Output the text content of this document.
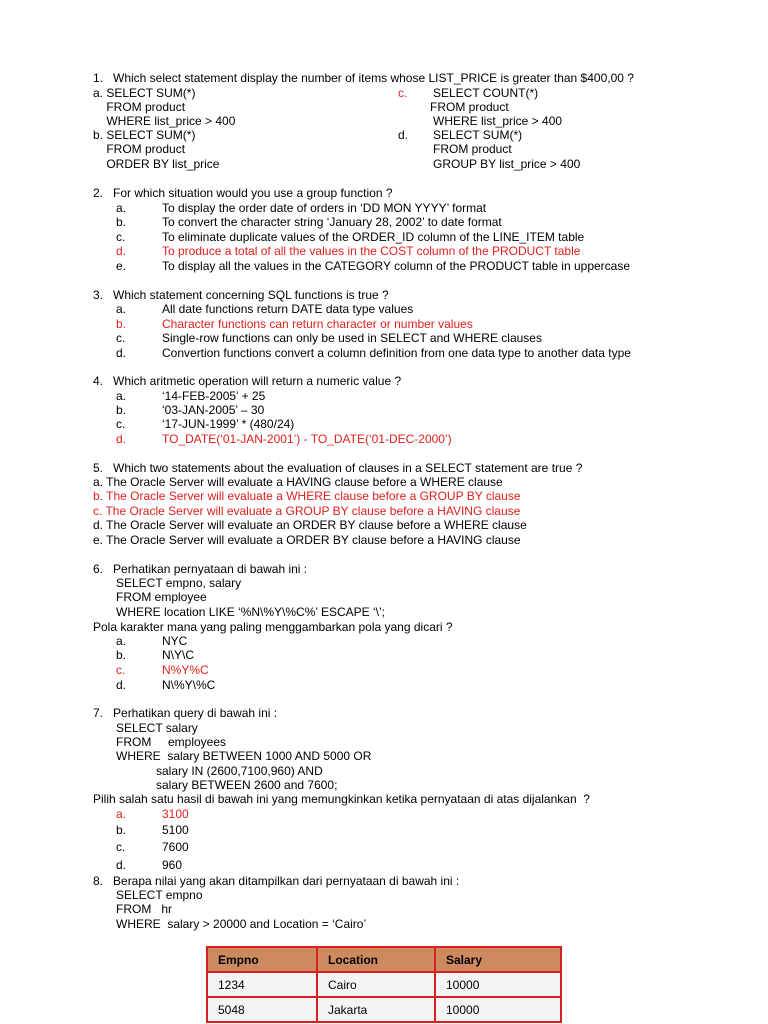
1.   Which select statement display the number of items whose LIST_PRICE is greater than $400,00 ?
a. SELECT SUM(*)
FROM product
WHERE list_price > 400
b. SELECT SUM(*)
FROM product
ORDER BY list_price
c. SELECT COUNT(*)
FROM product
WHERE list_price > 400
d. SELECT SUM(*)
FROM product
GROUP BY list_price > 400
2.   For which situation would you use a group function ?
a.	To display the order date of orders in ‘DD MON YYYY’ format
b.	To convert the character string ‘January 28, 2002’ to date format
c.	To eliminate duplicate values of the ORDER_ID column of the LINE_ITEM table
d.	To produce a total of all the values in the COST column of the PRODUCT table
e.	To display all the values in the CATEGORY column of the PRODUCT table in uppercase
3.   Which statement concerning SQL functions is true ?
a.	All date functions return DATE data type values
b.	Character functions can return character or number values
c.	Single-row functions can only be used in SELECT and WHERE clauses
d.	Convertion functions convert a column definition from one data type to another data type
4.   Which aritmetic operation will return a numeric value ?
a.	‘14-FEB-2005’ + 25
b.	‘03-JAN-2005’ – 30
c.	‘17-JUN-1999’ * (480/24)
d.	TO_DATE(‘01-JAN-2001’) - TO_DATE(‘01-DEC-2000’)
5.   Which two statements about the evaluation of clauses in a SELECT statement are true ?
a. The Oracle Server will evaluate a HAVING clause before a WHERE clause
b. The Oracle Server will evaluate a WHERE clause before a GROUP BY clause
c. The Oracle Server will evaluate a GROUP BY clause before a HAVING clause
d. The Oracle Server will evaluate an ORDER BY clause before a WHERE clause
e. The Oracle Server will evaluate a ORDER BY clause before a HAVING clause
6.   Perhatikan pernyataan di bawah ini :
SELECT empno, salary
FROM employee
WHERE location LIKE ‘%N\%Y\%C%’ ESCAPE ‘\’;
Pola karakter mana yang paling menggambarkan pola yang dicari ?
a.	NYC
b.	N\Y\C
c.	N%Y%C
d.	N\%Y\%C
7.   Perhatikan query di bawah ini :
SELECT salary
FROM     employees
WHERE  salary BETWEEN 1000 AND 5000 OR
salary IN (2600,7100,960) AND
salary BETWEEN 2600 and 7600;
Pilih salah satu hasil di bawah ini yang memungkinkan ketika pernyataan di atas dijalankan  ?
a.	3100
b.	5100
c.	7600
d.	960
8.   Berapa nilai yang akan ditampilkan dari pernyataan di bawah ini :
SELECT empno
FROM   hr
WHERE  salary > 20000 and Location = ‘Cairo’
Empno	Location	Salary
1234	Cairo	10000
5048	Jakarta	10000
